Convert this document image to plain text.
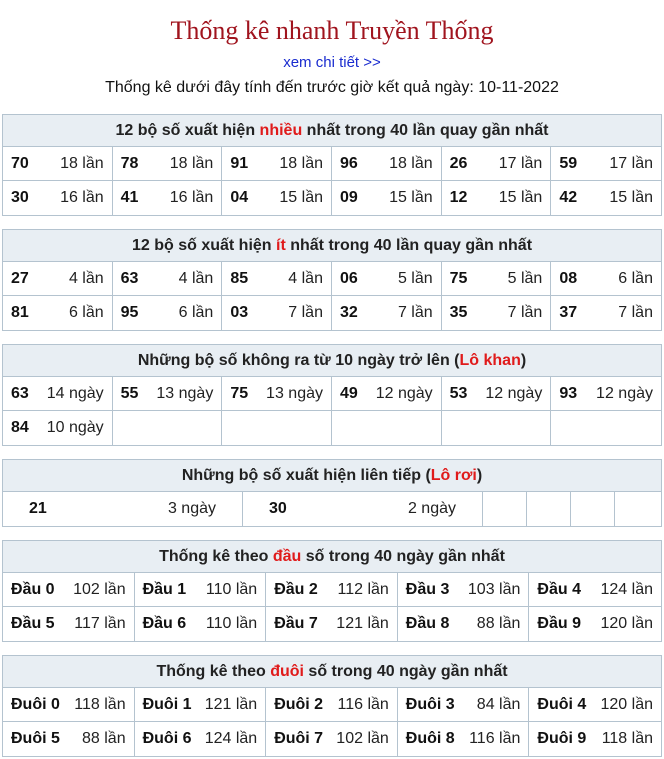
Thống kê nhanh Truyền Thống
xem chi tiết >>
Thống kê dưới đây tính đến trước giờ kết quả ngày: 10-11-2022
12 bộ số xuất hiện nhiều nhất trong 40 lần quay gần nhất
70 18 lần 78 18 lần 91 18 lần 96 18 lần 26 17 lần 59 17 lần
30 16 lần 41 16 lần 04 15 lần 09 15 lần 12 15 lần 42 15 lần
12 bộ số xuất hiện ít nhất trong 40 lần quay gần nhất
27	4 lần 63	4 lần 85	4 lần 06	5 lần 75	5 lần 08	6 lần
81	6 lần 95	6 lần 03	7 lần 32	7 lần 35	7 lần 37	7 lần
Những bộ số không ra từ 10 ngày trở lên (Lô khan)
63 14 ngày 55 13 ngày 75 13 ngày 49 12 ngày 53 12 ngày 93 12 ngày
84 10 ngày
Những bộ số xuất hiện liên tiếp (Lô rơi)
21	3 ngày	30	2 ngày
Thống kê theo đầu số trong 40 ngày gần nhất
Đầu 0 102 lần Đầu 1 110 lần Đầu 2 112 lần Đầu 3 103 lần Đầu 4 124 lần
Đầu 5 117 lần Đầu 6 110 lần Đầu 7 121 lần Đầu 8 88 lần Đầu 9 120 lần
Thống kê theo đuôi số trong 40 ngày gần nhất
Đuôi 0 118 lần Đuôi 1 121 lần Đuôi 2 116 lần Đuôi 3 84 lần Đuôi 4 120 lần
Đuôi 5 88 lần Đuôi 6 124 lần Đuôi 7 102 lần Đuôi 8 116 lần Đuôi 9 118 lần
